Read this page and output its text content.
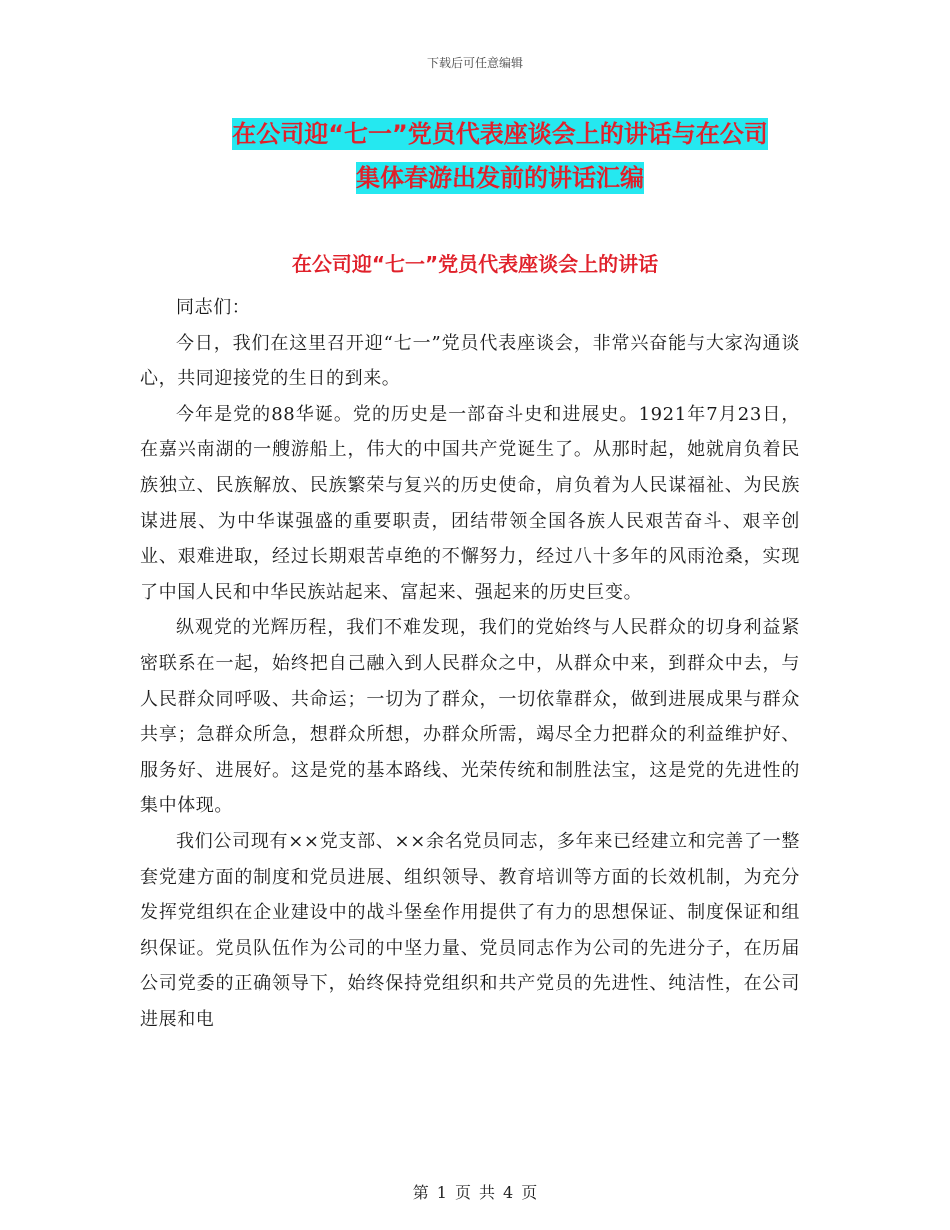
下载后可任意编辑
在公司迎“七一”党员代表座谈会上的讲话与在公司
集体春游出发前的讲话汇编
在公司迎“七一”党员代表座谈会上的讲话

同志们：

今日，我们在这里召开迎“七一”党员代表座谈会，非常兴奋能与大家沟通谈心，共同迎接党的生日的到来。

今年是党的88华诞。党的历史是一部奋斗史和进展史。1921年7月23日，在嘉兴南湖的一艘游船上，伟大的中国共产党诞生了。从那时起，她就肩负着民族独立、民族解放、民族繁荣与复兴的历史使命，肩负着为人民谋福祉、为民族谋进展、为中华谋强盛的重要职责，团结带领全国各族人民艰苦奋斗、艰辛创业、艰难进取，经过长期艰苦卓绝的不懈努力，经过八十多年的风雨沧桑，实现了中国人民和中华民族站起来、富起来、强起来的历史巨变。

纵观党的光辉历程，我们不难发现，我们的党始终与人民群众的切身利益紧密联系在一起，始终把自己融入到人民群众之中，从群众中来，到群众中去，与人民群众同呼吸、共命运；一切为了群众，一切依靠群众，做到进展成果与群众共享；急群众所急，想群众所想，办群众所需，竭尽全力把群众的利益维护好、服务好、进展好。这是党的基本路线、光荣传统和制胜法宝，这是党的先进性的集中体现。

我们公司现有××党支部、××余名党员同志，多年来已经建立和完善了一整套党建方面的制度和党员进展、组织领导、教育培训等方面的长效机制，为充分发挥党组织在企业建设中的战斗堡垒作用提供了有力的思想保证、制度保证和组织保证。党员队伍作为公司的中坚力量、党员同志作为公司的先进分子，在历届公司党委的正确领导下，始终保持党组织和共产党员的先进性、纯洁性，在公司进展和电

第 1 页 共 4 页
